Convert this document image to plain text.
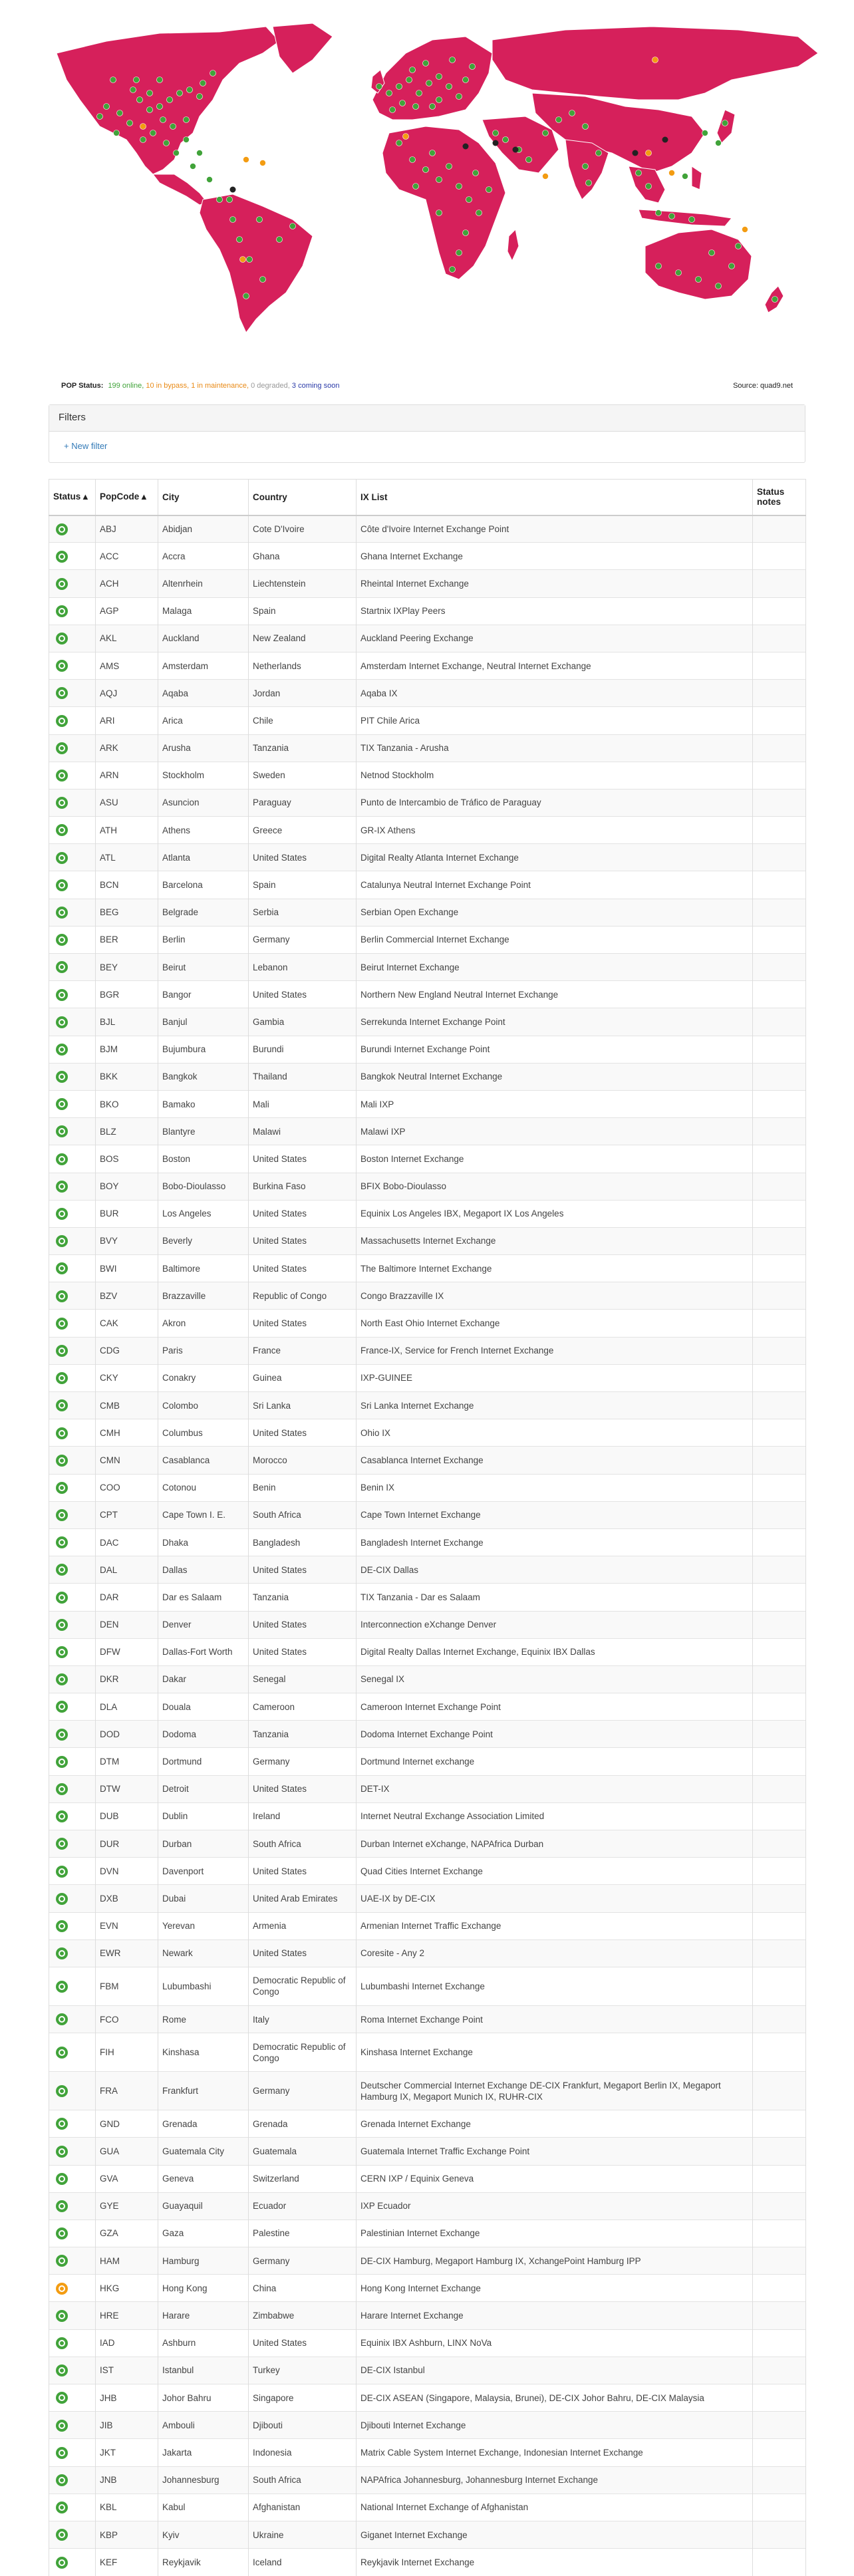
POP Status: 199 online, 10 in bypass, 1 in maintenance, 0 degraded, 3 coming soon	Source: quad9.net
Filters
+ New filter
Status ▴	PopCode ▴	City	Country	IX List	Status notes
	ABJ	Abidjan	Cote D'Ivoire	Côte d'Ivoire Internet Exchange Point	
	ACC	Accra	Ghana	Ghana Internet Exchange	
	ACH	Altenrhein	Liechtenstein	Rheintal Internet Exchange	
	AGP	Malaga	Spain	Startnix IXPlay Peers	
	AKL	Auckland	New Zealand	Auckland Peering Exchange	
	AMS	Amsterdam	Netherlands	Amsterdam Internet Exchange, Neutral Internet Exchange	
	AQJ	Aqaba	Jordan	Aqaba IX	
	ARI	Arica	Chile	PIT Chile Arica	
	ARK	Arusha	Tanzania	TIX Tanzania - Arusha	
	ARN	Stockholm	Sweden	Netnod Stockholm	
	ASU	Asuncion	Paraguay	Punto de Intercambio de Tráfico de Paraguay	
	ATH	Athens	Greece	GR-IX Athens	
	ATL	Atlanta	United States	Digital Realty Atlanta Internet Exchange	
	BCN	Barcelona	Spain	Catalunya Neutral Internet Exchange Point	
	BEG	Belgrade	Serbia	Serbian Open Exchange	
	BER	Berlin	Germany	Berlin Commercial Internet Exchange	
	BEY	Beirut	Lebanon	Beirut Internet Exchange	
	BGR	Bangor	United States	Northern New England Neutral Internet Exchange	
	BJL	Banjul	Gambia	Serrekunda Internet Exchange Point	
	BJM	Bujumbura	Burundi	Burundi Internet Exchange Point	
	BKK	Bangkok	Thailand	Bangkok Neutral Internet Exchange	
	BKO	Bamako	Mali	Mali IXP	
	BLZ	Blantyre	Malawi	Malawi IXP	
	BOS	Boston	United States	Boston Internet Exchange	
	BOY	Bobo-Dioulasso	Burkina Faso	BFIX Bobo-Dioulasso	
	BUR	Los Angeles	United States	Equinix Los Angeles IBX, Megaport IX Los Angeles	
	BVY	Beverly	United States	Massachusetts Internet Exchange	
	BWI	Baltimore	United States	The Baltimore Internet Exchange	
	BZV	Brazzaville	Republic of Congo	Congo Brazzaville IX	
	CAK	Akron	United States	North East Ohio Internet Exchange	
	CDG	Paris	France	France-IX, Service for French Internet Exchange	
	CKY	Conakry	Guinea	IXP-GUINEE	
	CMB	Colombo	Sri Lanka	Sri Lanka Internet Exchange	
	CMH	Columbus	United States	Ohio IX	
	CMN	Casablanca	Morocco	Casablanca Internet Exchange	
	COO	Cotonou	Benin	Benin IX	
	CPT	Cape Town I. E.	South Africa	Cape Town Internet Exchange	
	DAC	Dhaka	Bangladesh	Bangladesh Internet Exchange	
	DAL	Dallas	United States	DE-CIX Dallas	
	DAR	Dar es Salaam	Tanzania	TIX Tanzania - Dar es Salaam	
	DEN	Denver	United States	Interconnection eXchange Denver	
	DFW	Dallas-Fort Worth	United States	Digital Realty Dallas Internet Exchange, Equinix IBX Dallas	
	DKR	Dakar	Senegal	Senegal IX	
	DLA	Douala	Cameroon	Cameroon Internet Exchange Point	
	DOD	Dodoma	Tanzania	Dodoma Internet Exchange Point	
	DTM	Dortmund	Germany	Dortmund Internet exchange	
	DTW	Detroit	United States	DET-IX	
	DUB	Dublin	Ireland	Internet Neutral Exchange Association Limited	
	DUR	Durban	South Africa	Durban Internet eXchange, NAPAfrica Durban	
	DVN	Davenport	United States	Quad Cities Internet Exchange	
	DXB	Dubai	United Arab Emirates	UAE-IX by DE-CIX	
	EVN	Yerevan	Armenia	Armenian Internet Traffic Exchange	
	EWR	Newark	United States	Coresite - Any 2	
	FBM	Lubumbashi	Democratic Republic of Congo	Lubumbashi Internet Exchange	
	FCO	Rome	Italy	Roma Internet Exchange Point	
	FIH	Kinshasa	Democratic Republic of Congo	Kinshasa Internet Exchange	
	FRA	Frankfurt	Germany	Deutscher Commercial Internet Exchange DE-CIX Frankfurt, Megaport Berlin IX, Megaport Hamburg IX, Megaport Munich IX, RUHR-CIX	
	GND	Grenada	Grenada	Grenada Internet Exchange	
	GUA	Guatemala City	Guatemala	Guatemala Internet Traffic Exchange Point	
	GVA	Geneva	Switzerland	CERN IXP / Equinix Geneva	
	GYE	Guayaquil	Ecuador	IXP Ecuador	
	GZA	Gaza	Palestine	Palestinian Internet Exchange	
	HAM	Hamburg	Germany	DE-CIX Hamburg, Megaport Hamburg IX, XchangePoint Hamburg IPP	
	HKG	Hong Kong	China	Hong Kong Internet Exchange	
	HRE	Harare	Zimbabwe	Harare Internet Exchange	
	IAD	Ashburn	United States	Equinix IBX Ashburn, LINX NoVa	
	IST	Istanbul	Turkey	DE-CIX Istanbul	
	JHB	Johor Bahru	Singapore	DE-CIX ASEAN (Singapore, Malaysia, Brunei), DE-CIX Johor Bahru, DE-CIX Malaysia	
	JIB	Ambouli	Djibouti	Djibouti Internet Exchange	
	JKT	Jakarta	Indonesia	Matrix Cable System Internet Exchange, Indonesian Internet Exchange	
	JNB	Johannesburg	South Africa	NAPAfrica Johannesburg, Johannesburg Internet Exchange	
	KBL	Kabul	Afghanistan	National Internet Exchange of Afghanistan	
	KBP	Kyiv	Ukraine	Giganet Internet Exchange	
	KEF	Reykjavik	Iceland	Reykjavik Internet Exchange	
